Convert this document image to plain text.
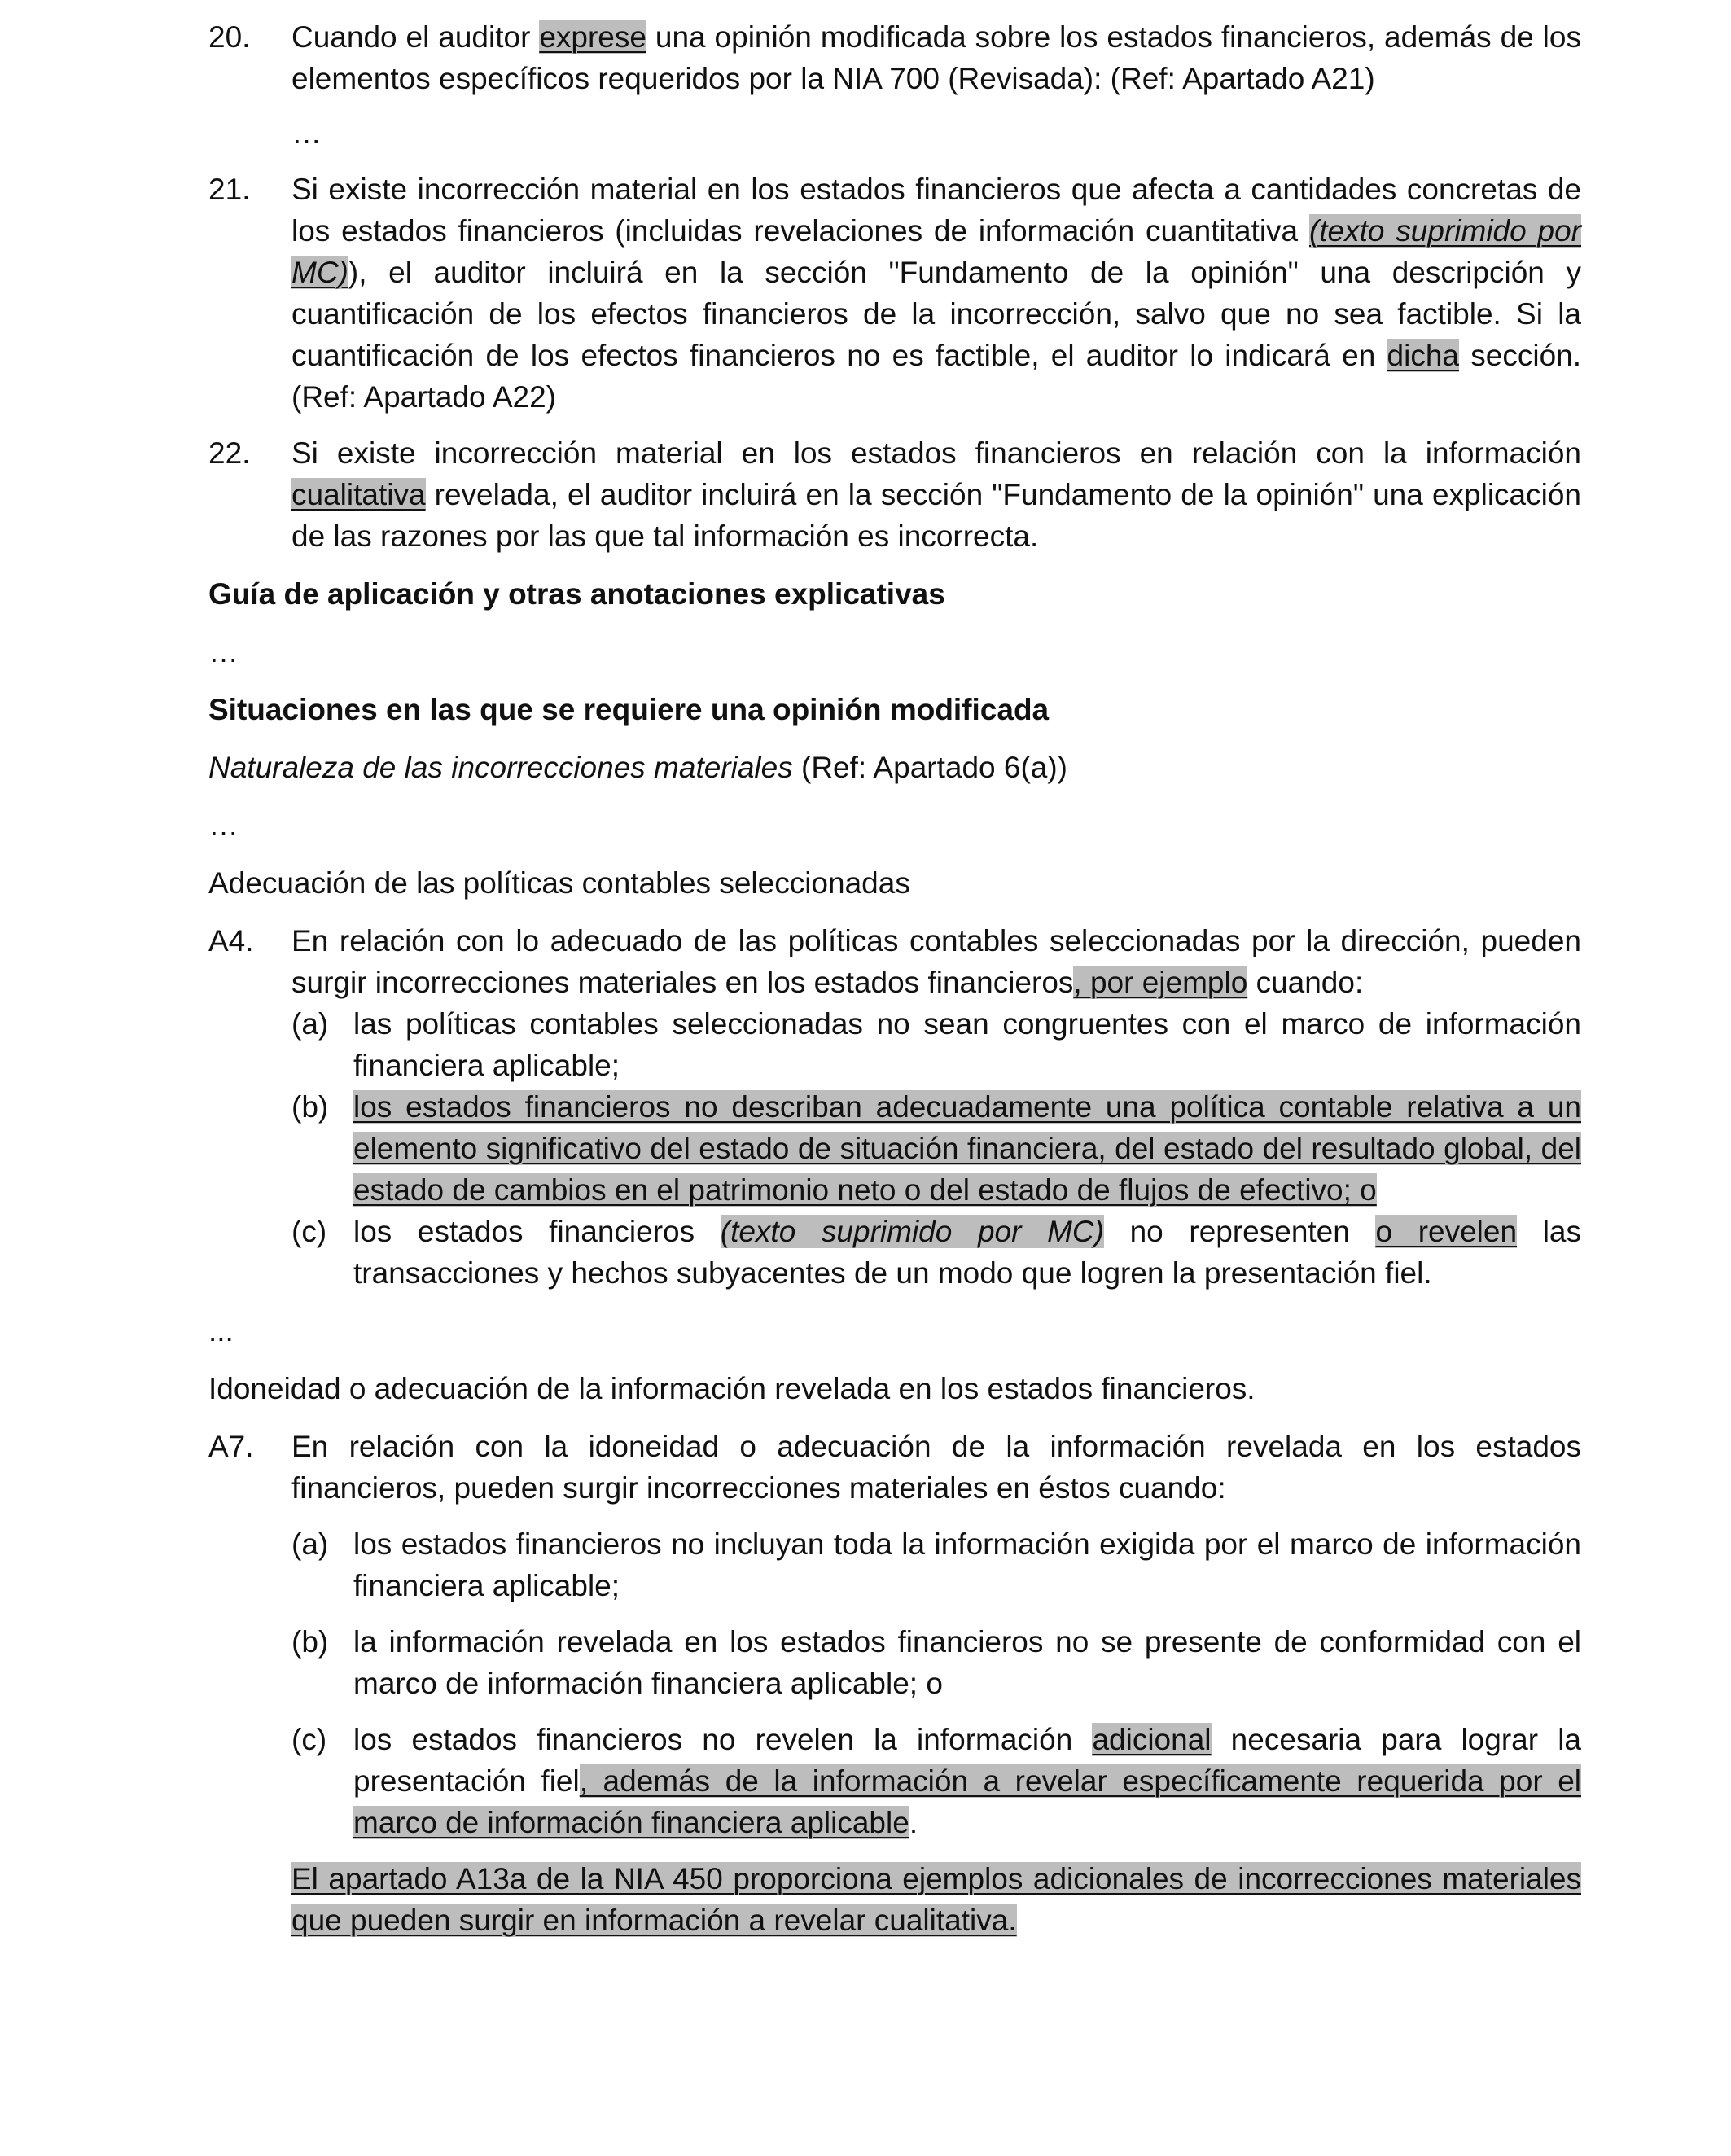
20.	Cuando el auditor exprese una opinión modificada sobre los estados financieros, además de los elementos específicos requeridos por la NIA 700 (Revisada): (Ref: Apartado A21)
…
21.	Si existe incorrección material en los estados financieros que afecta a cantidades concretas de los estados financieros (incluidas revelaciones de información cuantitativa (texto suprimido por MC)), el auditor incluirá en la sección "Fundamento de la opinión" una descripción y cuantificación de los efectos financieros de la incorrección, salvo que no sea factible. Si la cuantificación de los efectos financieros no es factible, el auditor lo indicará en dicha sección. (Ref: Apartado A22)
22.	Si existe incorrección material en los estados financieros en relación con la información cualitativa revelada, el auditor incluirá en la sección "Fundamento de la opinión" una explicación de las razones por las que tal información es incorrecta.
Guía de aplicación y otras anotaciones explicativas
…
Situaciones en las que se requiere una opinión modificada
Naturaleza de las incorrecciones materiales (Ref: Apartado 6(a))
…
Adecuación de las políticas contables seleccionadas
A4.	En relación con lo adecuado de las políticas contables seleccionadas por la dirección, pueden surgir incorrecciones materiales en los estados financieros, por ejemplo cuando:
(a) las políticas contables seleccionadas no sean congruentes con el marco de información financiera aplicable;
(b) los estados financieros no describan adecuadamente una política contable relativa a un elemento significativo del estado de situación financiera, del estado del resultado global, del estado de cambios en el patrimonio neto o del estado de flujos de efectivo; o
(c) los estados financieros (texto suprimido por MC) no representen o revelen las transacciones y hechos subyacentes de un modo que logren la presentación fiel.
...
Idoneidad o adecuación de la información revelada en los estados financieros.
A7.	En relación con la idoneidad o adecuación de la información revelada en los estados financieros, pueden surgir incorrecciones materiales en éstos cuando:
(a) los estados financieros no incluyan toda la información exigida por el marco de información financiera aplicable;
(b) la información revelada en los estados financieros no se presente de conformidad con el marco de información financiera aplicable; o
(c) los estados financieros no revelen la información adicional necesaria para lograr la presentación fiel, además de la información a revelar específicamente requerida por el marco de información financiera aplicable.
El apartado A13a de la NIA 450 proporciona ejemplos adicionales de incorrecciones materiales que pueden surgir en información a revelar cualitativa.
